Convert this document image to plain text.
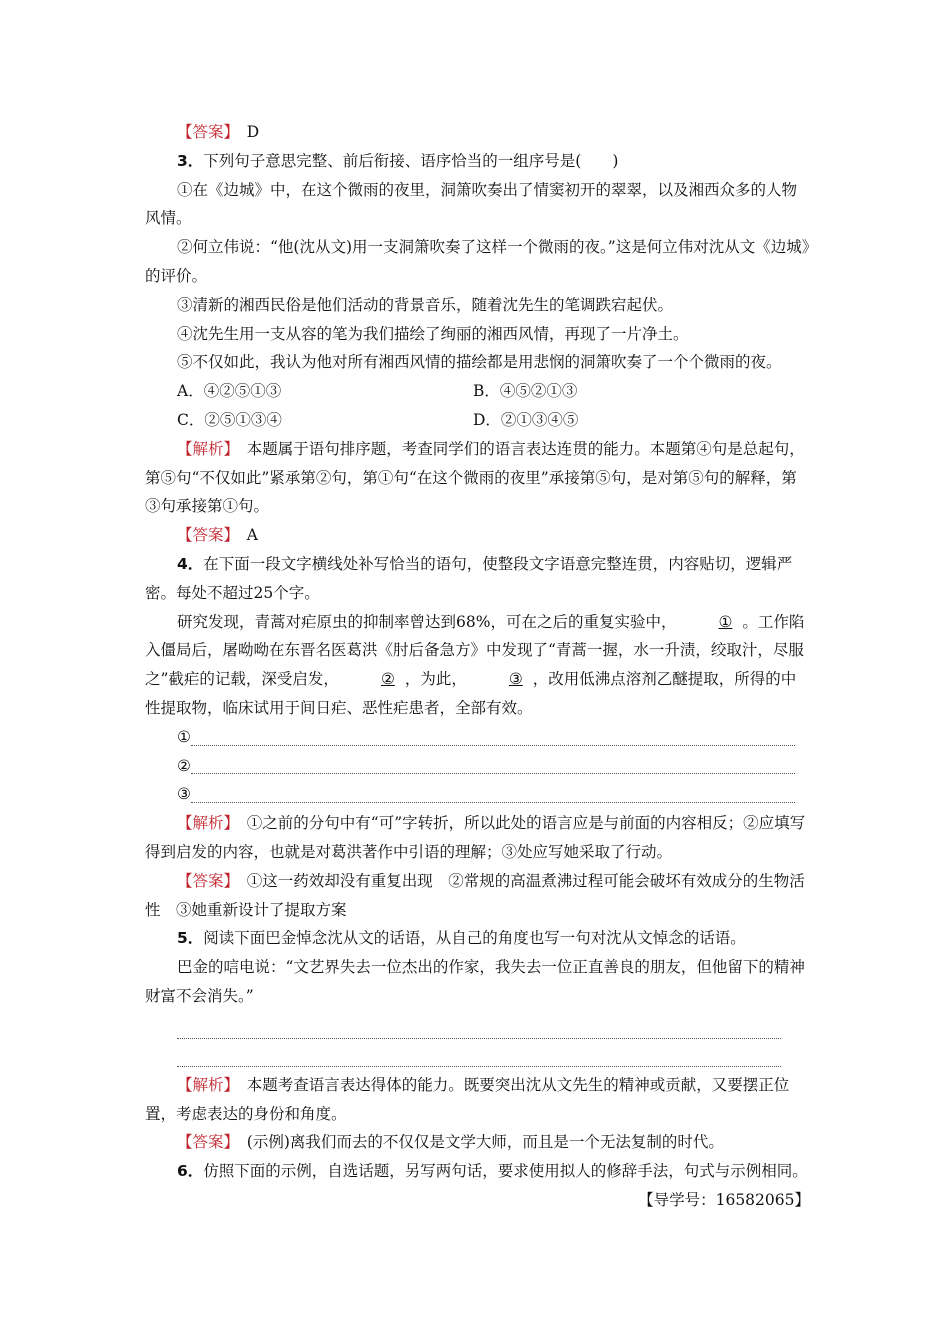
【答案】　 D

3．下列句子意思完整、前后衔接、语序恰当的一组序号是(　　)

①在《边城》中，在这个微雨的夜里，洞箫吹奏出了情窦初开的翠翠，以及湘西众多的人物风情。

②何立伟说：“他(沈从文)用一支洞箫吹奏了这样一个微雨的夜。”这是何立伟对沈从文《边城》的评价。

③清新的湘西民俗是他们活动的背景音乐，随着沈先生的笔调跌宕起伏。

④沈先生用一支从容的笔为我们描绘了绚丽的湘西风情，再现了一片净土。

⑤不仅如此，我认为他对所有湘西风情的描绘都是用悲悯的洞箫吹奏了一个个微雨的夜。

A．④②⑤①③	B．④⑤②①③
C．②⑤①③④	D．②①③④⑤

【解析】　 本题属于语句排序题，考查同学们的语言表达连贯的能力。本题第④句是总起句，第⑤句“不仅如此”紧承第②句，第①句“在这个微雨的夜里”承接第⑤句，是对第⑤句的解释，第③句承接第①句。

【答案】　 A

4．在下面一段文字横线处补写恰当的语句，使整段文字语意完整连贯，内容贴切，逻辑严密。每处不超过25个字。

研究发现，青蒿对疟原虫的抑制率曾达到68%，可在之后的重复实验中，	① 。工作陷入僵局后，屠呦呦在东晋名医葛洪《肘后备急方》中发现了“青蒿一握，水一升渍，绞取汁，尽服之”截疟的记载，深受启发，	② ，为此，	③ ，改用低沸点溶剂乙醚提取，所得的中性提取物，临床试用于间日疟、恶性疟患者，全部有效。

①
②
③

【解析】　 ①之前的分句中有“可”字转折，所以此处的语言应是与前面的内容相反；②应填写得到启发的内容，也就是对葛洪著作中引语的理解；③处应写她采取了行动。

【答案】　 ①这一药效却没有重复出现　②常规的高温煮沸过程可能会破坏有效成分的生物活性　③她重新设计了提取方案

5．阅读下面巴金悼念沈从文的话语，从自己的角度也写一句对沈从文悼念的话语。

巴金的唁电说：“文艺界失去一位杰出的作家，我失去一位正直善良的朋友，但他留下的精神财富不会消失。”

【解析】　 本题考查语言表达得体的能力。既要突出沈从文先生的精神或贡献，又要摆正位置，考虑表达的身份和角度。

【答案】　 (示例)离我们而去的不仅仅是文学大师，而且是一个无法复制的时代。

6．仿照下面的示例，自选话题，另写两句话，要求使用拟人的修辞手法，句式与示例相同。

【导学号：16582065】
